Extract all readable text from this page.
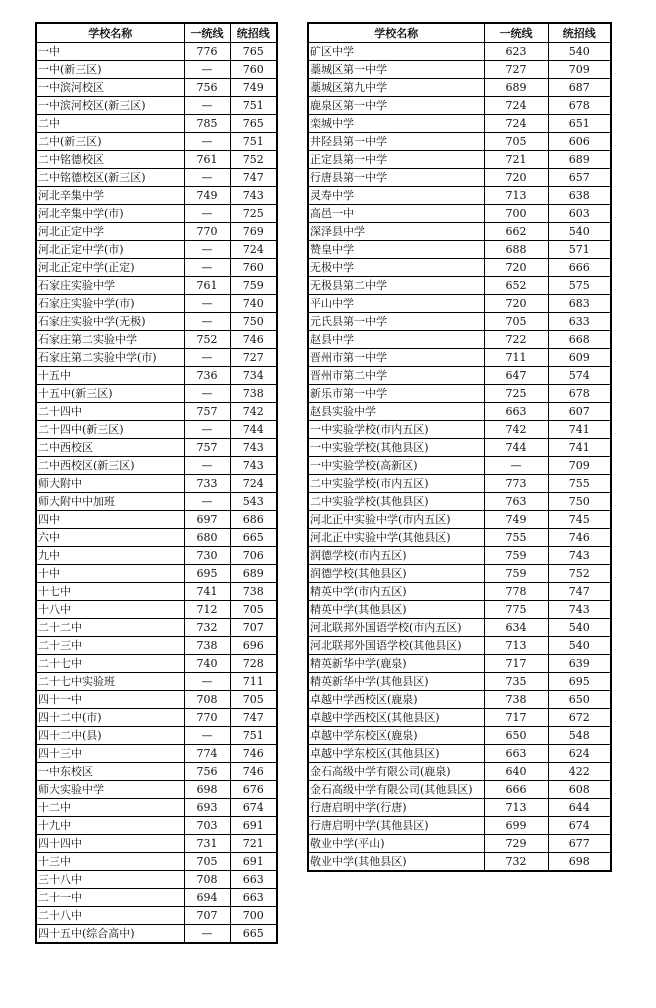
学校名称	一统线	统招线
一中	776	765
一中(新三区)	—	760
一中滨河校区	756	749
一中滨河校区(新三区)	—	751
二中	785	765
二中(新三区)	—	751
二中铭德校区	761	752
二中铭德校区(新三区)	—	747
河北辛集中学	749	743
河北辛集中学(市)	—	725
河北正定中学	770	769
河北正定中学(市)	—	724
河北正定中学(正定)	—	760
石家庄实验中学	761	759
石家庄实验中学(市)	—	740
石家庄实验中学(无极)	—	750
石家庄第二实验中学	752	746
石家庄第二实验中学(市)	—	727
十五中	736	734
十五中(新三区)	—	738
二十四中	757	742
二十四中(新三区)	—	744
二中西校区	757	743
二中西校区(新三区)	—	743
师大附中	733	724
师大附中中加班	—	543
四中	697	686
六中	680	665
九中	730	706
十中	695	689
十七中	741	738
十八中	712	705
二十二中	732	707
二十三中	738	696
二十七中	740	728
二十七中实验班	—	711
四十一中	708	705
四十二中(市)	770	747
四十二中(县)	—	751
四十三中	774	746
一中东校区	756	746
师大实验中学	698	676
十二中	693	674
十九中	703	691
四十四中	731	721
十三中	705	691
三十八中	708	663
二十一中	694	663
二十八中	707	700
四十五中(综合高中)	—	665
学校名称	一统线	统招线
矿区中学	623	540
藁城区第一中学	727	709
藁城区第九中学	689	687
鹿泉区第一中学	724	678
栾城中学	724	651
井陉县第一中学	705	606
正定县第一中学	721	689
行唐县第一中学	720	657
灵寿中学	713	638
高邑一中	700	603
深泽县中学	662	540
赞皇中学	688	571
无极中学	720	666
无极县第二中学	652	575
平山中学	720	683
元氏县第一中学	705	633
赵县中学	722	668
晋州市第一中学	711	609
晋州市第二中学	647	574
新乐市第一中学	725	678
赵县实验中学	663	607
一中实验学校(市内五区)	742	741
一中实验学校(其他县区)	744	741
一中实验学校(高新区)	—	709
二中实验学校(市内五区)	773	755
二中实验学校(其他县区)	763	750
河北正中实验中学(市内五区)	749	745
河北正中实验中学(其他县区)	755	746
润德学校(市内五区)	759	743
润德学校(其他县区)	759	752
精英中学(市内五区)	778	747
精英中学(其他县区)	775	743
河北联邦外国语学校(市内五区)	634	540
河北联邦外国语学校(其他县区)	713	540
精英新华中学(鹿泉)	717	639
精英新华中学(其他县区)	735	695
卓越中学西校区(鹿泉)	738	650
卓越中学西校区(其他县区)	717	672
卓越中学东校区(鹿泉)	650	548
卓越中学东校区(其他县区)	663	624
金石高级中学有限公司(鹿泉)	640	422
金石高级中学有限公司(其他县区)	666	608
行唐启明中学(行唐)	713	644
行唐启明中学(其他县区)	699	674
敬业中学(平山)	729	677
敬业中学(其他县区)	732	698
